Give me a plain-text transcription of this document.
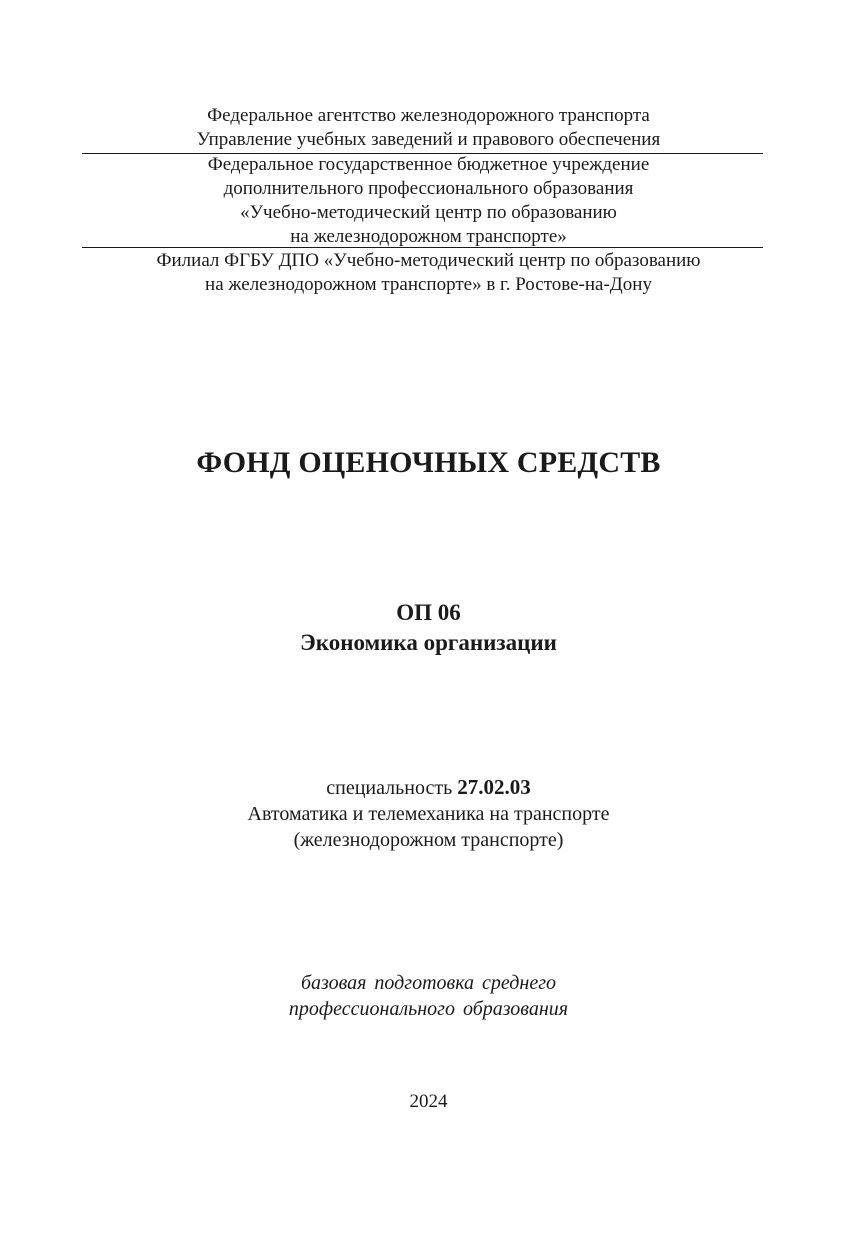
Федеральное агентство железнодорожного транспорта
Управление учебных заведений и правового обеспечения
Федеральное государственное бюджетное учреждение
дополнительного профессионального образования
«Учебно-методический центр по образованию
на железнодорожном транспорте»
Филиал ФГБУ ДПО «Учебно-методический центр по образованию
на железнодорожном транспорте» в г. Ростове-на-Дону
ФОНД ОЦЕНОЧНЫХ СРЕДСТВ
ОП 06
Экономика организации
специальность 27.02.03
Автоматика и телемеханика на транспорте
(железнодорожном транспорте)
базовая подготовка среднего
профессионального образования
2024
